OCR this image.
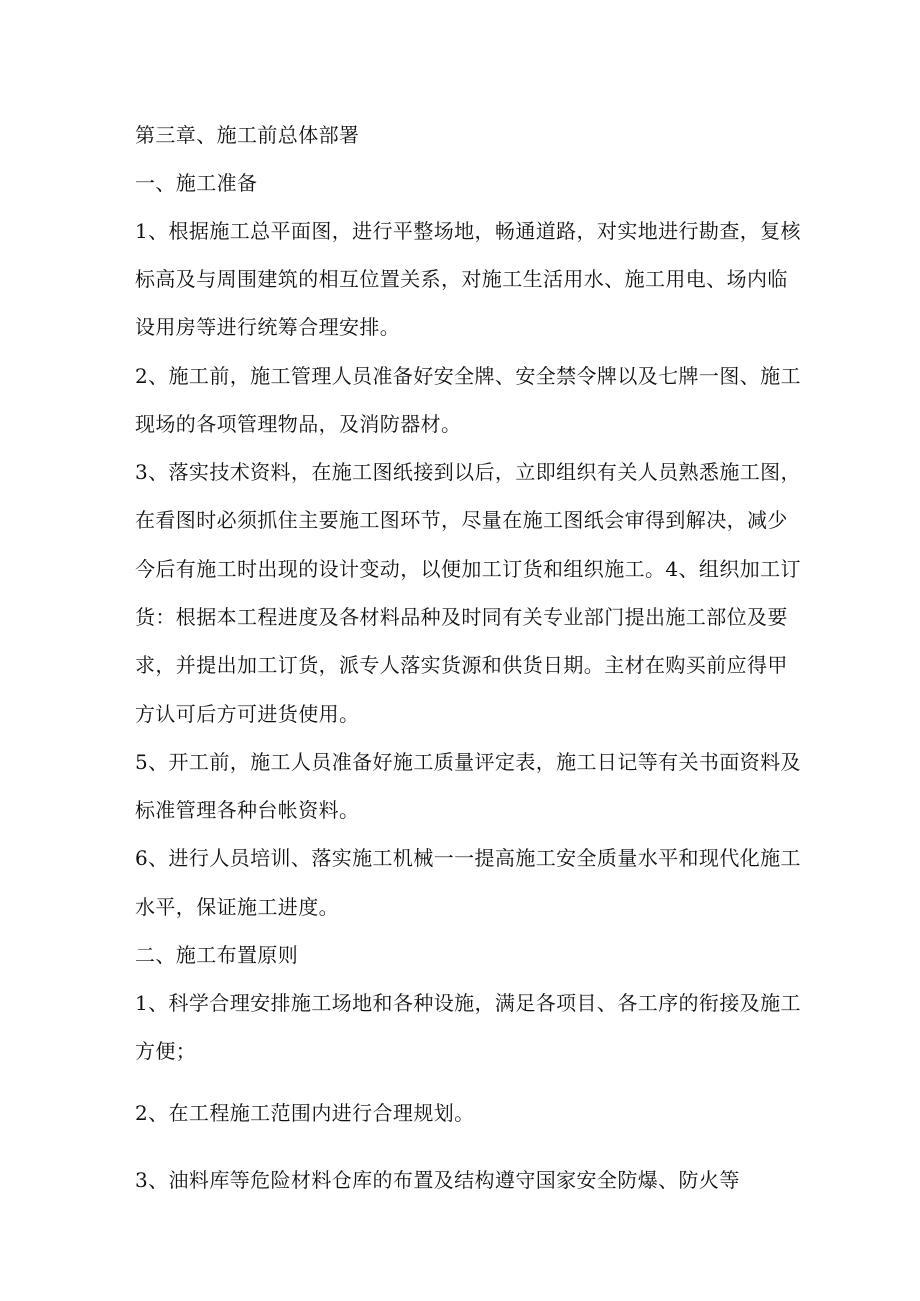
第三章、施工前总体部署
一、施工准备
1、根据施工总平面图，进行平整场地，畅通道路，对实地进行勘查，复核
标高及与周围建筑的相互位置关系，对施工生活用水、施工用电、场内临
设用房等进行统筹合理安排。
2、施工前，施工管理人员准备好安全牌、安全禁令牌以及七牌一图、施工
现场的各项管理物品，及消防器材。
3、落实技术资料，在施工图纸接到以后，立即组织有关人员熟悉施工图，
在看图时必须抓住主要施工图环节，尽量在施工图纸会审得到解决，减少
今后有施工时出现的设计变动，以便加工订货和组织施工。4、组织加工订
货：根据本工程进度及各材料品种及时同有关专业部门提出施工部位及要
求，并提出加工订货，派专人落实货源和供货日期。主材在购买前应得甲
方认可后方可进货使用。
5、开工前，施工人员准备好施工质量评定表，施工日记等有关书面资料及
标准管理各种台帐资料。
6、进行人员培训、落实施工机械一一提高施工安全质量水平和现代化施工
水平，保证施工进度。
二、施工布置原则
1、科学合理安排施工场地和各种设施，满足各项目、各工序的衔接及施工
方便；
2、在工程施工范围内进行合理规划。
3、油料库等危险材料仓库的布置及结构遵守国家安全防爆、防火等
